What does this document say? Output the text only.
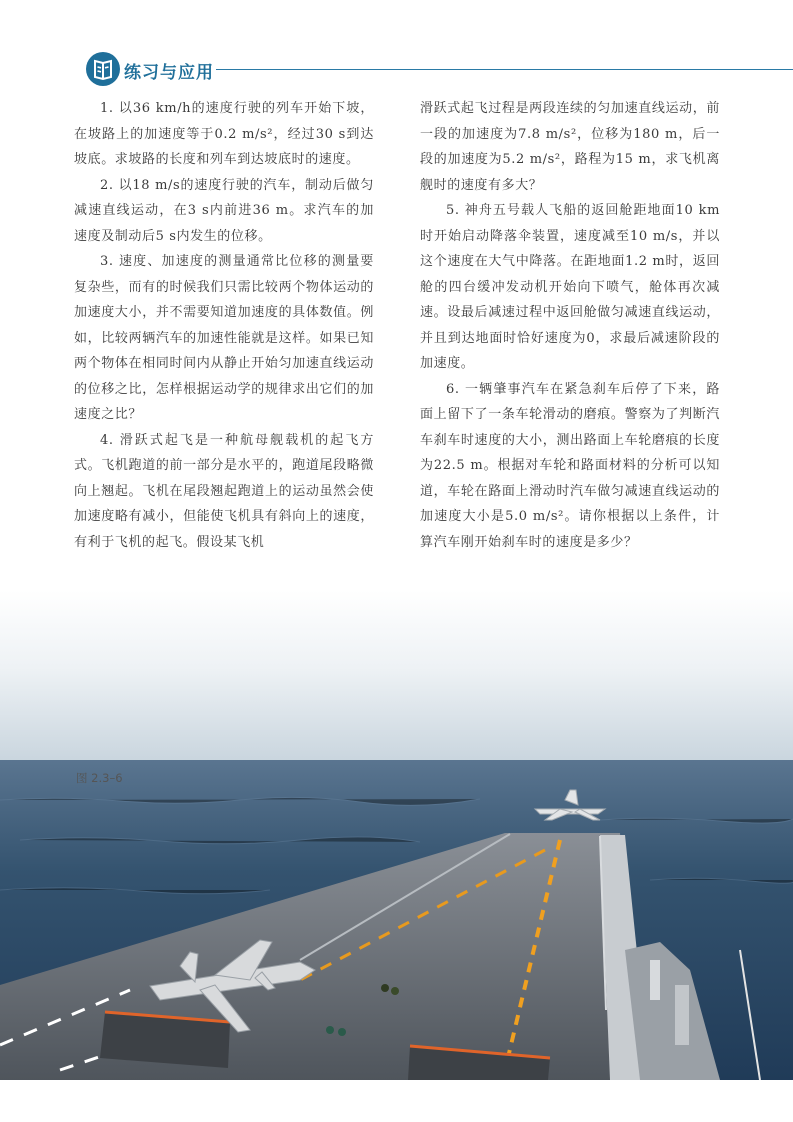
练习与应用

1. 以36 km/h的速度行驶的列车开始下坡，在坡路上的加速度等于0.2 m/s²，经过30 s到达坡底。求坡路的长度和列车到达坡底时的速度。

2. 以18 m/s的速度行驶的汽车，制动后做匀减速直线运动，在3 s内前进36 m。求汽车的加速度及制动后5 s内发生的位移。

3. 速度、加速度的测量通常比位移的测量要复杂些，而有的时候我们只需比较两个物体运动的加速度大小，并不需要知道加速度的具体数值。例如，比较两辆汽车的加速性能就是这样。如果已知两个物体在相同时间内从静止开始匀加速直线运动的位移之比，怎样根据运动学的规律求出它们的加速度之比？

4. 滑跃式起飞是一种航母舰载机的起飞方式。飞机跑道的前一部分是水平的，跑道尾段略微向上翘起。飞机在尾段翘起跑道上的运动虽然会使加速度略有减小，但能使飞机具有斜向上的速度，有利于飞机的起飞。假设某飞机

滑跃式起飞过程是两段连续的匀加速直线运动，前一段的加速度为7.8 m/s²，位移为180 m，后一段的加速度为5.2 m/s²，路程为15 m，求飞机离舰时的速度有多大？

5. 神舟五号载人飞船的返回舱距地面10 km时开始启动降落伞装置，速度减至10 m/s，并以这个速度在大气中降落。在距地面1.2 m时，返回舱的四台缓冲发动机开始向下喷气，舱体再次减速。设最后减速过程中返回舱做匀减速直线运动，并且到达地面时恰好速度为0，求最后减速阶段的加速度。

6. 一辆肇事汽车在紧急刹车后停了下来，路面上留下了一条车轮滑动的磨痕。警察为了判断汽车刹车时速度的大小，测出路面上车轮磨痕的长度为22.5 m。根据对车轮和路面材料的分析可以知道，车轮在路面上滑动时汽车做匀减速直线运动的加速度大小是5.0 m/s²。请你根据以上条件，计算汽车刚开始刹车时的速度是多少？

图 2.3–6
